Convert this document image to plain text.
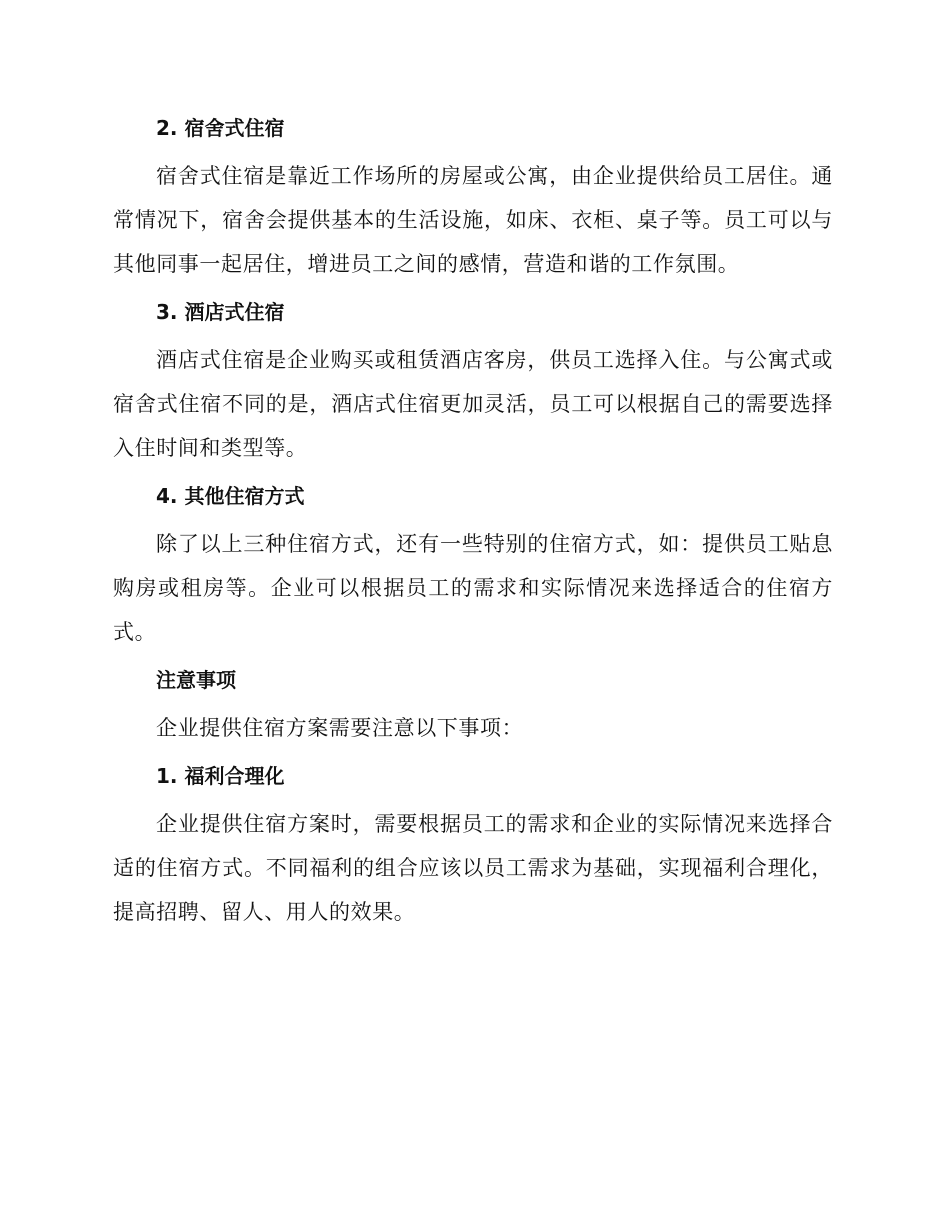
2. 宿舍式住宿

宿舍式住宿是靠近工作场所的房屋或公寓，由企业提供给员工居住。通常情况下，宿舍会提供基本的生活设施，如床、衣柜、桌子等。员工可以与其他同事一起居住，增进员工之间的感情，营造和谐的工作氛围。

3. 酒店式住宿

酒店式住宿是企业购买或租赁酒店客房，供员工选择入住。与公寓式或宿舍式住宿不同的是，酒店式住宿更加灵活，员工可以根据自己的需要选择入住时间和类型等。

4. 其他住宿方式

除了以上三种住宿方式，还有一些特别的住宿方式，如：提供员工贴息购房或租房等。企业可以根据员工的需求和实际情况来选择适合的住宿方式。

注意事项

企业提供住宿方案需要注意以下事项：

1. 福利合理化

企业提供住宿方案时，需要根据员工的需求和企业的实际情况来选择合适的住宿方式。不同福利的组合应该以员工需求为基础，实现福利合理化，提高招聘、留人、用人的效果。
